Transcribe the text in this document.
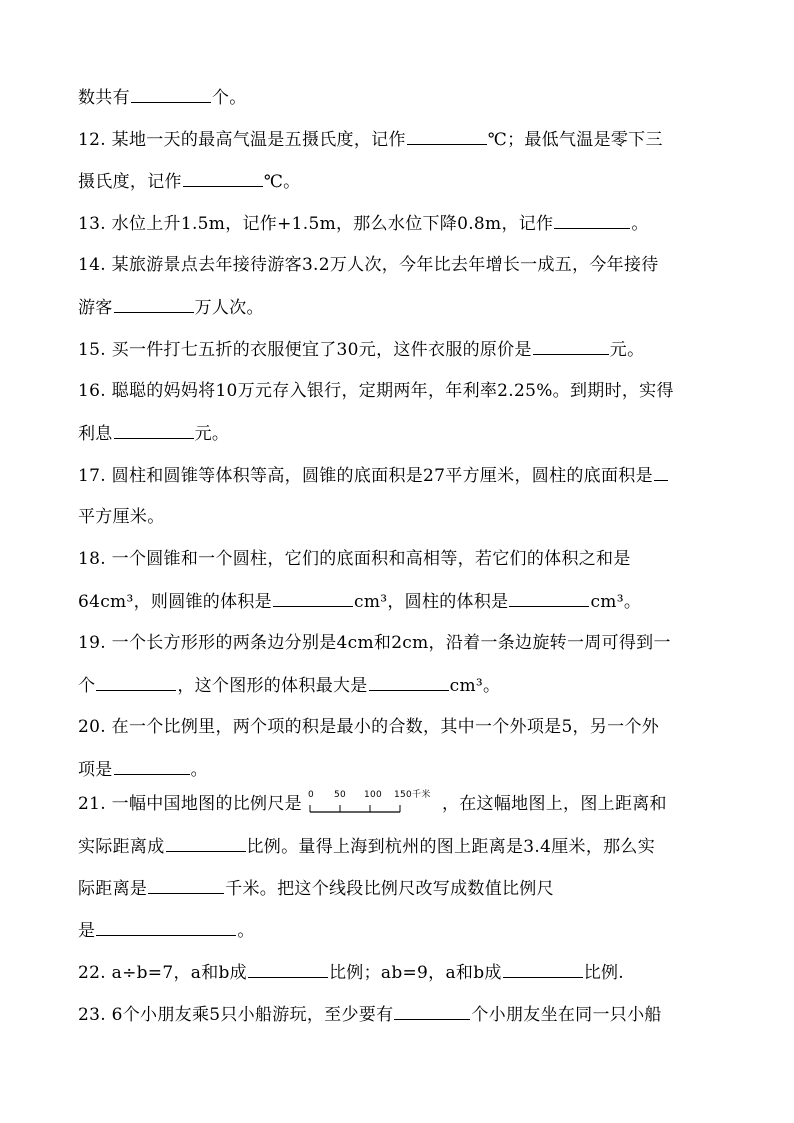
数共有	个。
12. 某地一天的最高气温是五摄氏度，记作	℃；最低气温是零下三
摄氏度，记作	℃。
13. 水位上升1.5m，记作+1.5m，那么水位下降0.8m，记作	。
14. 某旅游景点去年接待游客3.2万人次，今年比去年增长一成五，今年接待
游客	万人次。
15. 买一件打七五折的衣服便宜了30元，这件衣服的原价是	元。
16. 聪聪的妈妈将10万元存入银行，定期两年，年利率2.25%。到期时，实得
利息	元。
17. 圆柱和圆锥等体积等高，圆锥的底面积是27平方厘米，圆柱的底面积是
平方厘米。
18. 一个圆锥和一个圆柱，它们的底面积和高相等，若它们的体积之和是
64cm³，则圆锥的体积是	cm³，圆柱的体积是	cm³。
19. 一个长方形形的两条边分别是4cm和2cm，沿着一条边旋转一周可得到一
个	，这个图形的体积最大是	cm³。
20. 在一个比例里，两个项的积是最小的合数，其中一个外项是5，另一个外
项是	。
21. 一幅中国地图的比例尺是 0 50 100 150千米 ，在这幅地图上，图上距离和
实际距离成	比例。量得上海到杭州的图上距离是3.4厘米，那么实
际距离是	千米。把这个线段比例尺改写成数值比例尺
是	。
22. a÷b=7，a和b成	比例；ab=9，a和b成	比例.
23. 6个小朋友乘5只小船游玩，至少要有	个小朋友坐在同一只小船
